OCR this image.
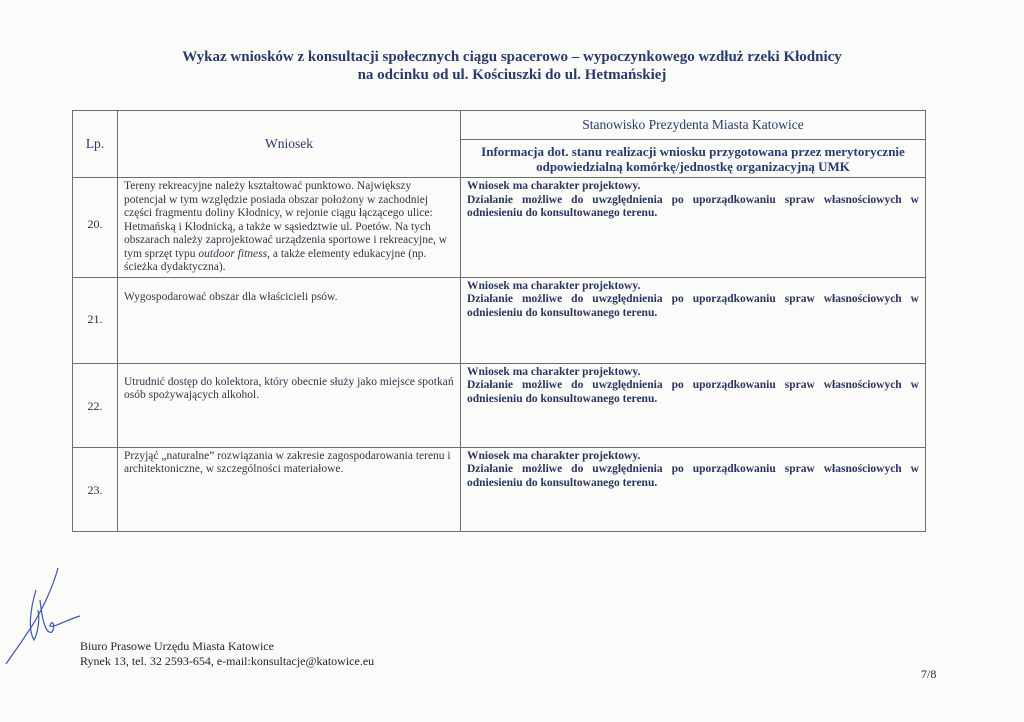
Wykaz wniosków z konsultacji społecznych ciągu spacerowo – wypoczynkowego wzdłuż rzeki Kłodnicy
na odcinku od ul. Kościuszki do ul. Hetmańskiej
Lp.	Wniosek	Stanowisko Prezydenta Miasta Katowice
		Informacja dot. stanu realizacji wniosku przygotowana przez merytorycznie odpowiedzialną komórkę/jednostkę organizacyjną UMK

20.	Tereny rekreacyjne należy kształtować punktowo. Największy potencjał w tym względzie posiada obszar położony w zachodniej części fragmentu doliny Kłodnicy, w rejonie ciągu łączącego ulice: Hetmańską i Kłodnicką, a także w sąsiedztwie ul. Poetów. Na tych obszarach należy zaprojektować urządzenia sportowe i rekreacyjne, w tym sprzęt typu outdoor fitness, a także elementy edukacyjne (np. ścieżka dydaktyczna).	Wniosek ma charakter projektowy.
Działanie możliwe do uwzględnienia po uporządkowaniu spraw własnościowych w odniesieniu do konsultowanego terenu.

21.	Wygospodarować obszar dla właścicieli psów.	Wniosek ma charakter projektowy.
Działanie możliwe do uwzględnienia po uporządkowaniu spraw własnościowych w odniesieniu do konsultowanego terenu.

22.	Utrudnić dostęp do kolektora, który obecnie służy jako miejsce spotkań osób spożywających alkohol.	Wniosek ma charakter projektowy.
Działanie możliwe do uwzględnienia po uporządkowaniu spraw własnościowych w odniesieniu do konsultowanego terenu.

23.	Przyjąć „naturalne” rozwiązania w zakresie zagospodarowania terenu i architektoniczne, w szczególności materiałowe.	Wniosek ma charakter projektowy.
Działanie możliwe do uwzględnienia po uporządkowaniu spraw własnościowych w odniesieniu do konsultowanego terenu.
Biuro Prasowe Urzędu Miasta Katowice
Rynek 13, tel. 32 2593-654, e-mail:konsultacje@katowice.eu
7/8
